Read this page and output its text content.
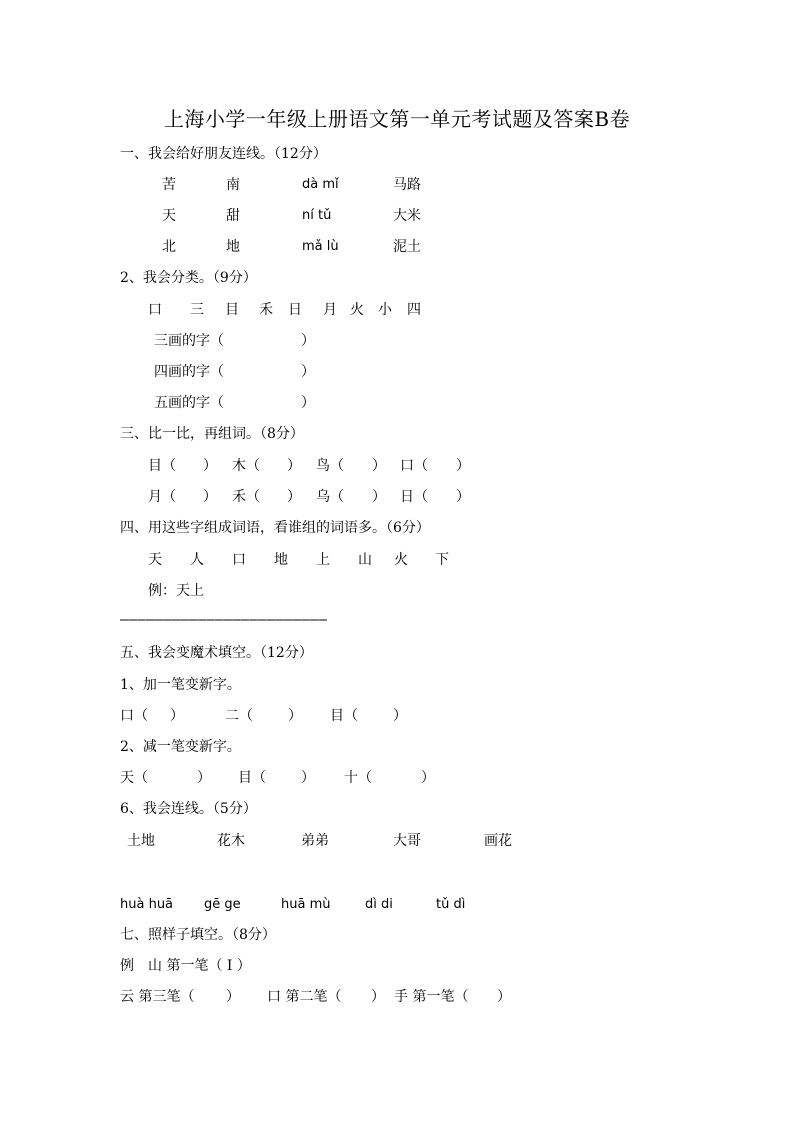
上海小学一年级上册语文第一单元考试题及答案B卷
一、我会给好朋友连线。（12分）
苦	南	dà mǐ	马路
天	甜	ní tǔ	大米
北	地	mǎ lù	泥土
2、我会分类。（9分）
口 三 目 禾 日 月 火 小 四
三画的字（	）
四画的字（	）
五画的字（	）
三、比一比，再组词。（8分）
目（ ） 木（ ） 鸟（ ） 口（ ）
月（ ） 禾（ ） 乌（ ） 日（ ）
四、用这些字组成词语，看谁组的词语多。（6分）
天 人 口 地 上 山 火 下
例：天上
————————————————————————
五、我会变魔术填空。（12分）
1、加一笔变新字。
口（ ）	二（	） 目（	）
2、减一笔变新字。
天（	） 目（	） 十（	）
6、我会连线。（5分）
土地	花木	弟弟	大哥	画花
huà huā gē ge	huā mù	dì di	tǔ dì
七、照样子填空。（8分）
例　山 第一笔（ I ）
云 第三笔（ ） 口 第二笔（ ） 手 第一笔（ ）
